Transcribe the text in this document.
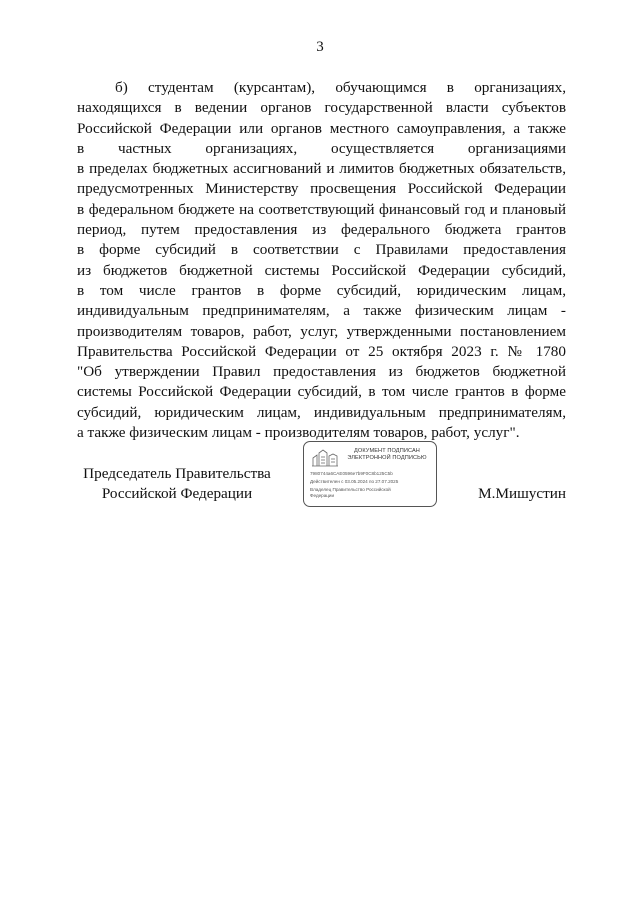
3
б) студентам (курсантам), обучающимся в организациях,
находящихся в ведении органов государственной власти субъектов
Российской Федерации или органов местного самоуправления, а также
в частных организациях, осуществляется организациями
в пределах бюджетных ассигнований и лимитов бюджетных обязательств,
предусмотренных Министерству просвещения Российской Федерации
в федеральном бюджете на соответствующий финансовый год и плановый
период, путем предоставления из федерального бюджета грантов
в форме субсидий в соответствии с Правилами предоставления
из бюджетов бюджетной системы Российской Федерации субсидий,
в том числе грантов в форме субсидий, юридическим лицам,
индивидуальным предпринимателям, а также физическим лицам -
производителям товаров, работ, услуг, утвержденными постановлением
Правительства Российской Федерации от 25 октября 2023 г. № 1780
"Об утверждении Правил предоставления из бюджетов бюджетной
системы Российской Федерации субсидий, в том числе грантов в форме
субсидий, юридическим лицам, индивидуальным предпринимателям,
а также физическим лицам - производителям товаров, работ, услуг".
Председатель Правительства
Российской Федерации
ДОКУМЕНТ ПОДПИСАН
ЭЛЕКТРОННОЙ ПОДПИСЬЮ
7980744a6CAE0596e7b9F0C8b125C5b
Действителен с 03.05.2024 по 27.07.2025
Владелец Правительство Российской
Федерации	М.Мишустин
